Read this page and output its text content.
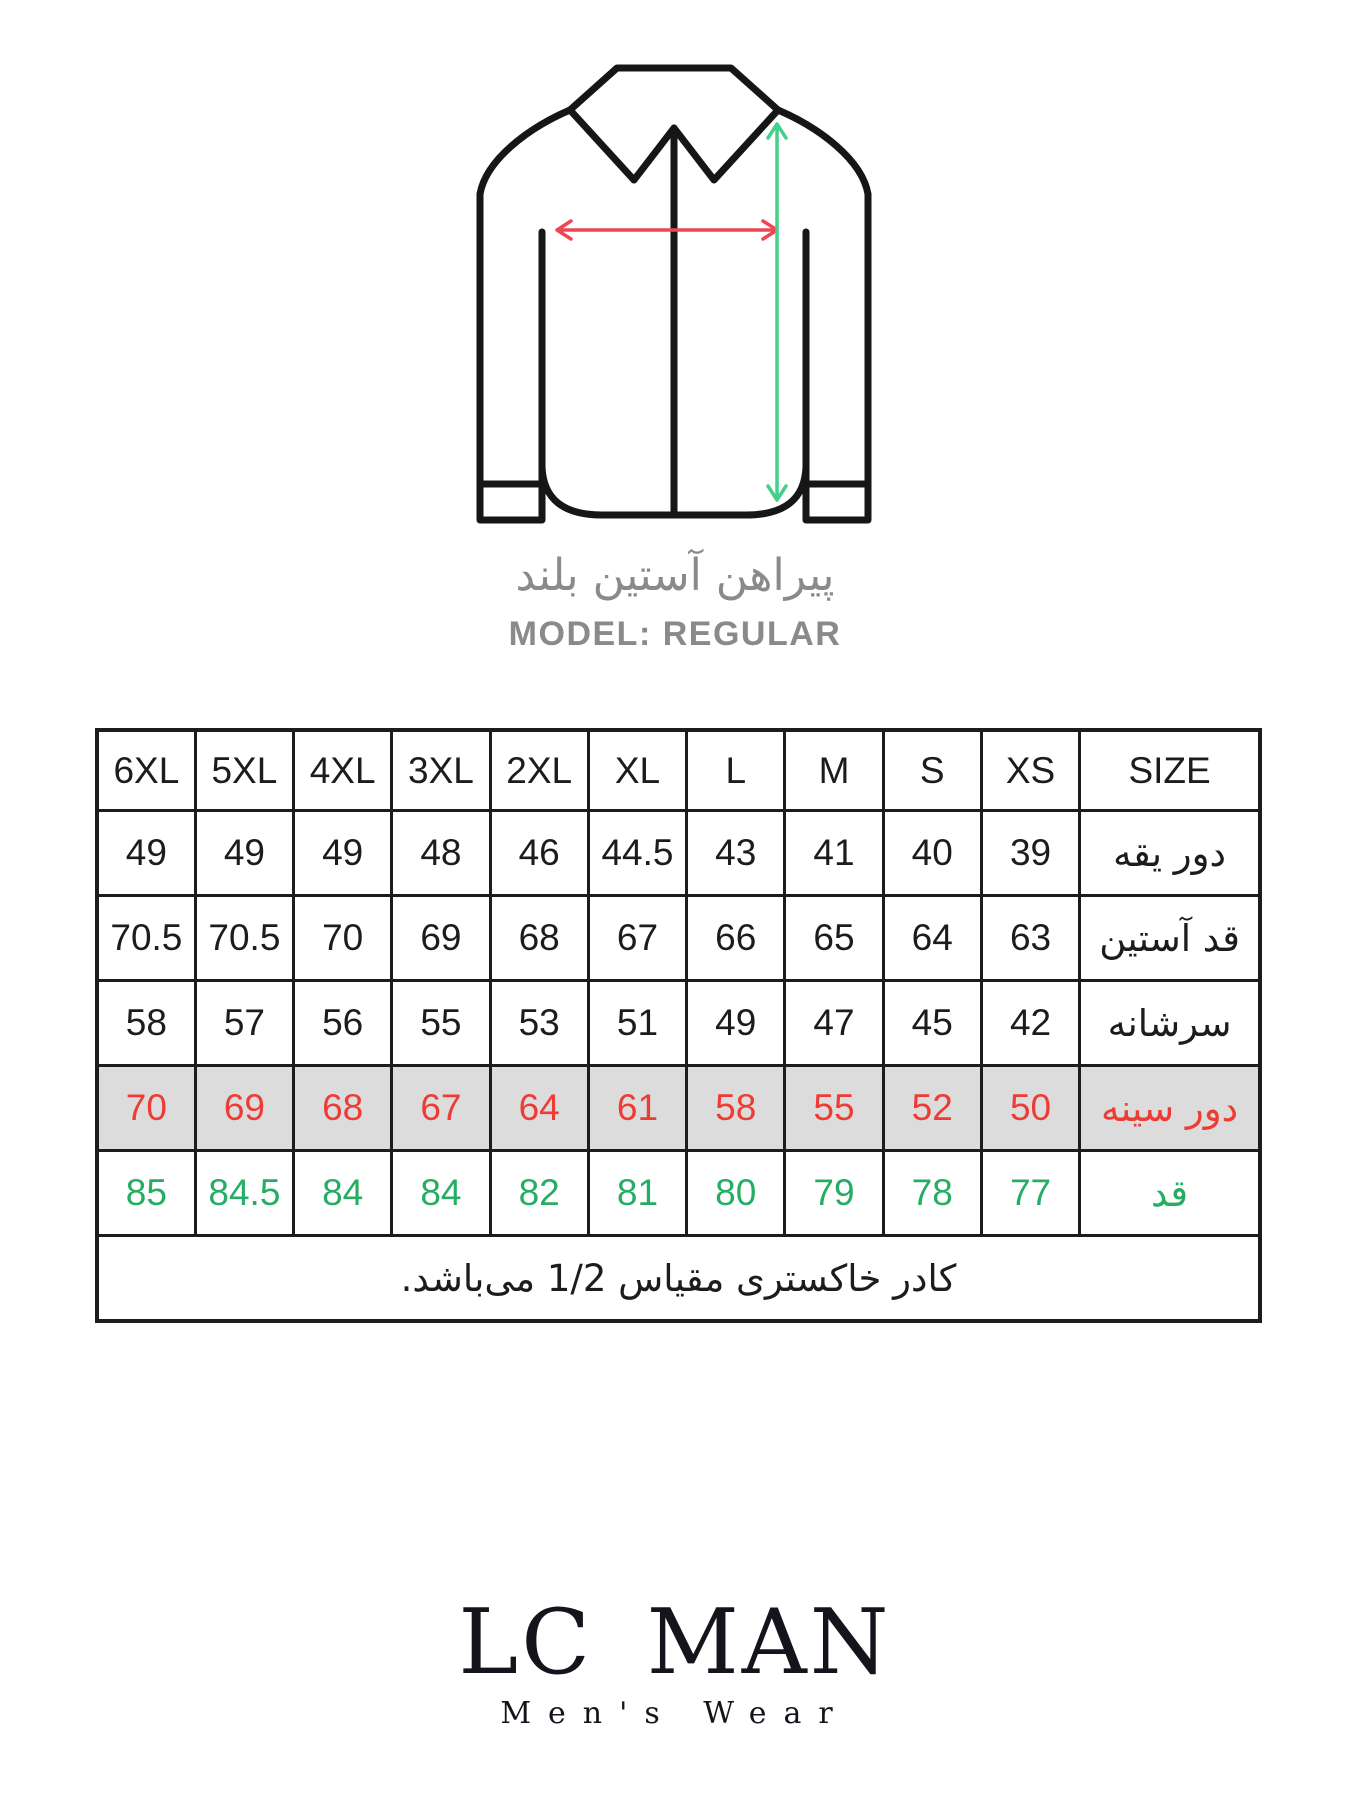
پیراهن آستین بلند
MODEL: REGULAR
6XL	5XL	4XL	3XL	2XL	XL	L	M	S	XS	SIZE
49	49	49	48	46	44.5	43	41	40	39	دور یقه
70.5	70.5	70	69	68	67	66	65	64	63	قد آستین
58	57	56	55	53	51	49	47	45	42	سرشانه
70	69	68	67	64	61	58	55	52	50	دور سینه
85	84.5	84	84	82	81	80	79	78	77	قد
کادر خاکستری مقیاس 1/2 می‌باشد.										
LC MAN
Men's Wear
